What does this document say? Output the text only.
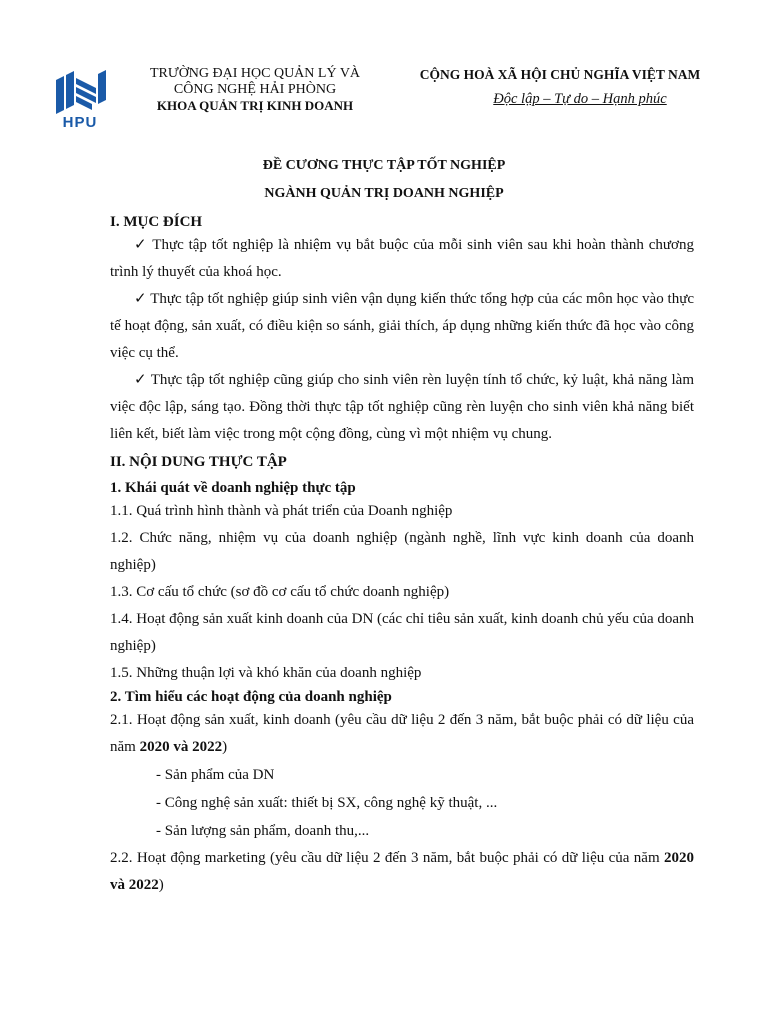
HPU
TRƯỜNG ĐẠI HỌC QUẢN LÝ VÀ
CÔNG NGHỆ HẢI PHÒNG
KHOA QUẢN TRỊ KINH DOANH
CỘNG HOÀ XÃ HỘI CHỦ NGHĨA VIỆT NAM
Độc lập – Tự do – Hạnh phúc
ĐỀ CƯƠNG THỰC TẬP TỐT NGHIỆP
NGÀNH QUẢN TRỊ DOANH NGHIỆP
I. MỤC ĐÍCH
✓ Thực tập tốt nghiệp là nhiệm vụ bắt buộc của mỗi sinh viên sau khi hoàn thành chương trình lý thuyết của khoá học.
✓ Thực tập tốt nghiệp giúp sinh viên vận dụng kiến thức tổng hợp của các môn học vào thực tế hoạt động, sản xuất, có điều kiện so sánh, giải thích, áp dụng những kiến thức đã học vào công việc cụ thể.
✓ Thực tập tốt nghiệp cũng giúp cho sinh viên rèn luyện tính tổ chức, kỷ luật, khả năng làm việc độc lập, sáng tạo. Đồng thời thực tập tốt nghiệp cũng rèn luyện cho sinh viên khả năng biết liên kết, biết làm việc trong một cộng đồng, cùng vì một nhiệm vụ chung.
II. NỘI DUNG THỰC TẬP
1. Khái quát về doanh nghiệp thực tập
1.1. Quá trình hình thành và phát triển của Doanh nghiệp
1.2. Chức năng, nhiệm vụ của doanh nghiệp (ngành nghề, lĩnh vực kinh doanh của doanh nghiệp)
1.3. Cơ cấu tổ chức (sơ đồ cơ cấu tổ chức doanh nghiệp)
1.4. Hoạt động sản xuất kinh doanh của DN (các chỉ tiêu sản xuất, kinh doanh chủ yếu của doanh nghiệp)
1.5. Những thuận lợi và khó khăn của doanh nghiệp
2. Tìm hiểu các hoạt động của doanh nghiệp
2.1. Hoạt động sản xuất, kinh doanh (yêu cầu dữ liệu 2 đến 3 năm, bắt buộc phải có dữ liệu của năm 2020 và 2022)
- Sản phẩm của DN
- Công nghệ sản xuất: thiết bị SX, công nghệ kỹ thuật, ...
- Sản lượng sản phẩm, doanh thu,...
2.2. Hoạt động marketing (yêu cầu dữ liệu 2 đến 3 năm, bắt buộc phải có dữ liệu của năm 2020 và 2022)
